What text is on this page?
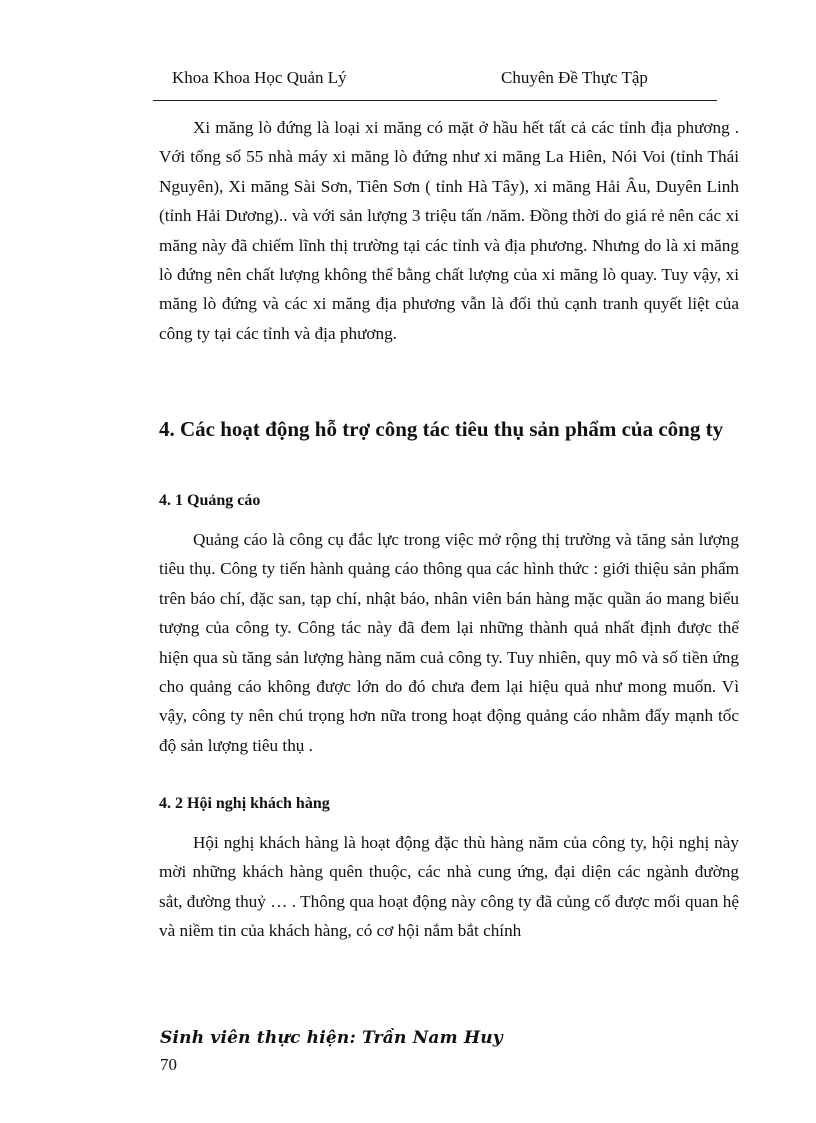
Khoa Khoa Học Quản Lý	Chuyên Đề Thực Tập

Xi măng lò đứng là loại xi măng có mặt ở hầu hết tất cả các tỉnh địa phương . Với tổng số 55 nhà máy xi măng lò đứng như xi măng La Hiên, Nói Voi (tỉnh Thái Nguyên), Xi măng Sài Sơn, Tiên Sơn ( tỉnh Hà Tây), xi măng Hải Âu, Duyên Linh (tỉnh Hải Dương).. và với sản lượng 3 triệu tấn /năm. Đồng thời do giá rẻ nên các xi măng này đã chiếm lĩnh thị trường tại các tỉnh và địa phương. Nhưng do là xi măng lò đứng nên chất lượng không thể bằng chất lượng của xi măng lò quay. Tuy vậy, xi măng lò đứng và các xi măng địa phương vẫn là đối thủ cạnh tranh quyết liệt của công ty tại các tỉnh và địa phương.

4. Các hoạt động hỗ trợ công tác tiêu thụ sản phẩm của công ty
4. 1 Quảng cáo

Quảng cáo là công cụ đắc lực trong việc mở rộng thị trường và tăng sản lượng tiêu thụ. Công ty tiến hành quảng cáo thông qua các hình thức : giới thiệu sản phẩm trên báo chí, đặc san, tạp chí, nhật báo, nhân viên bán hàng mặc quần áo mang biểu tượng của công ty. Công tác này đã đem lại những thành quả nhất định được thể hiện qua sù tăng sản lượng hàng năm cuả công ty. Tuy nhiên, quy mô và số tiền ứng cho quảng cáo không được lớn do đó chưa đem lại hiệu quả như mong muốn. Vì vậy, công ty nên chú trọng hơn nữa trong hoạt động quảng cáo nhằm đẩy mạnh tốc độ sản lượng tiêu thụ .

4. 2 Hội nghị khách hàng

Hội nghị khách hàng là hoạt động đặc thù hàng năm của công ty, hội nghị này mời những khách hàng quên thuộc, các nhà cung ứng, đại diện các ngành đường sắt, đường thuỷ … . Thông qua hoạt động này công ty đã củng cố được mối quan hệ và niềm tin của khách hàng, có cơ hội nắm bắt chính

Sinh viên thực hiện: Trần Nam Huy
70
